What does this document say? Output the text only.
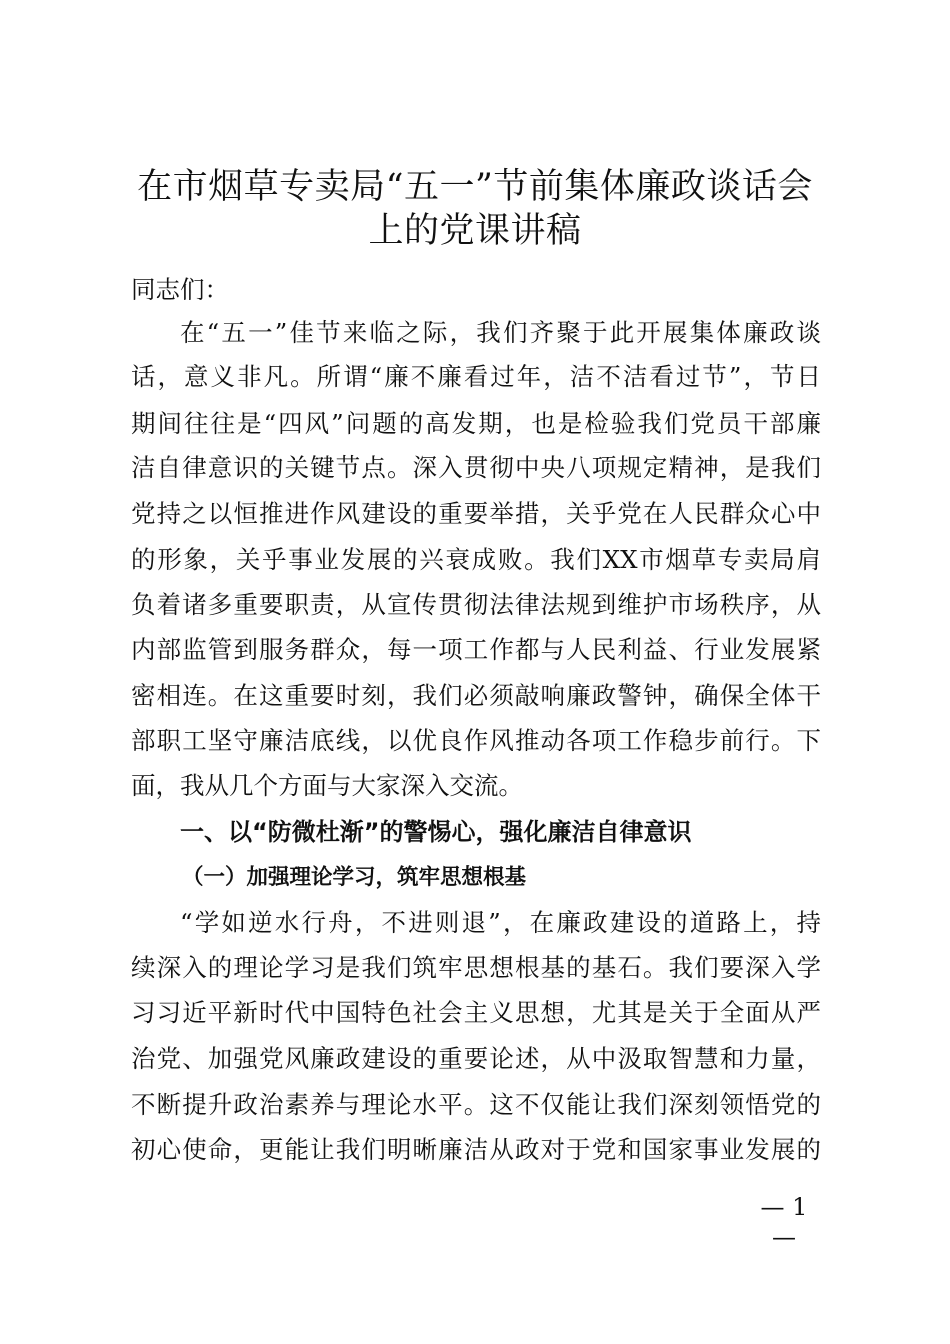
在市烟草专卖局“五一”节前集体廉政谈话会
上的党课讲稿
同志们：
在“五一”佳节来临之际，我们齐聚于此开展集体廉政谈
话，意义非凡。所谓“廉不廉看过年，洁不洁看过节”，节日
期间往往是“四风”问题的高发期，也是检验我们党员干部廉
洁自律意识的关键节点。深入贯彻中央八项规定精神，是我们
党持之以恒推进作风建设的重要举措，关乎党在人民群众心中
的形象，关乎事业发展的兴衰成败。我们XX市烟草专卖局肩
负着诸多重要职责，从宣传贯彻法律法规到维护市场秩序，从
内部监管到服务群众，每一项工作都与人民利益、行业发展紧
密相连。在这重要时刻，我们必须敲响廉政警钟，确保全体干
部职工坚守廉洁底线，以优良作风推动各项工作稳步前行。下
面，我从几个方面与大家深入交流。
一、以“防微杜渐”的警惕心，强化廉洁自律意识
（一）加强理论学习，筑牢思想根基
“学如逆水行舟，不进则退”，在廉政建设的道路上，持
续深入的理论学习是我们筑牢思想根基的基石。我们要深入学
习习近平新时代中国特色社会主义思想，尤其是关于全面从严
治党、加强党风廉政建设的重要论述，从中汲取智慧和力量，
不断提升政治素养与理论水平。这不仅能让我们深刻领悟党的
初心使命，更能让我们明晰廉洁从政对于党和国家事业发展的
— 1 —
